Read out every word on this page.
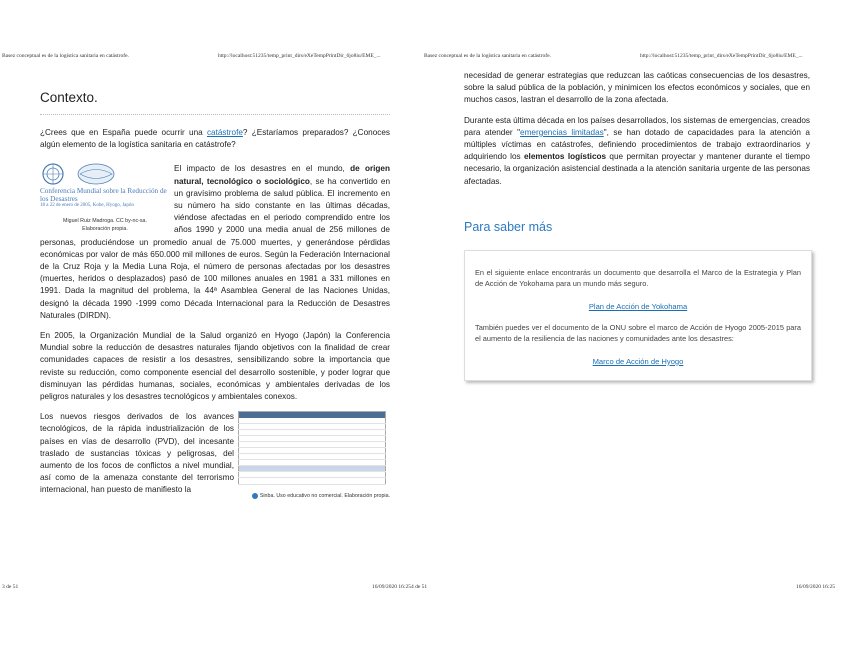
Basez conceptual es de la logística sanitaria en catástrofe.	http://localhost:51235/temp_print_dirs/eXeTempPrintDir_6jo8iu/EME_...	Basez conceptual es de la logística sanitaria en catástrofe.	http://localhost:51235/temp_print_dirs/eXeTempPrintDir_6jo8iu/EME_...
Contexto.

¿Crees que en España puede ocurrir una catástrofe? ¿Estaríamos preparados? ¿Conoces algún elemento de la logística sanitaria en catástrofe?

Conferencia Mundial sobre la Reducción de los Desastres
18 a 22 de enero de 2005, Kobe, Hyogo, Japón
Miguel Ruiz Madroga. CC by-nc-sa.
Elaboración propia.

El impacto de los desastres en el mundo, de origen natural, tecnológico o sociológico, se ha convertido en un gravísimo problema de salud pública. El incremento en su número ha sido constante en las últimas décadas, viéndose afectadas en el periodo comprendido entre los años 1990 y 2000 una media anual de 256 millones de personas, produciéndose un promedio anual de 75.000 muertes, y generándose pérdidas económicas por valor de más 650.000 mil millones de euros. Según la Federación Internacional de la Cruz Roja y la Media Luna Roja, el número de personas afectadas por los desastres (muertes, heridos o desplazados) pasó de 100 millones anuales en 1981 a 331 millones en 1991. Dada la magnitud del problema, la 44ª Asamblea General de las Naciones Unidas, designó la década 1990 -1999 como Década Internacional para la Reducción de Desastres Naturales (DIRDN).

En 2005, la Organización Mundial de la Salud organizó en Hyogo (Japón) la Conferencia Mundial sobre la reducción de desastres naturales fijando objetivos con la finalidad de crear comunidades capaces de resistir a los desastres, sensibilizando sobre la importancia que reviste su reducción, como componente esencial del desarrollo sostenible, y poder lograr que disminuyan las pérdidas humanas, sociales, económicas y ambientales derivadas de los peligros naturales y los desastres tecnológicos y ambientales conexos.

Sinba. Uso educativo no comercial. Elaboración propia.

Los nuevos riesgos derivados de los avances tecnológicos, de la rápida industrialización de los países en vías de desarrollo (PVD), del incesante traslado de sustancias tóxicas y peligrosas, del aumento de los focos de conflictos a nivel mundial, así como de la amenaza constante del terrorismo internacional, han puesto de manifiesto la

necesidad de generar estrategias que reduzcan las caóticas consecuencias de los desastres, sobre la salud pública de la población, y minimicen los efectos económicos y sociales, que en muchos casos, lastran el desarrollo de la zona afectada.

Durante esta última década en los países desarrollados, los sistemas de emergencias, creados para atender "emergencias limitadas", se han dotado de capacidades para la atención a múltiples víctimas en catástrofes, definiendo procedimientos de trabajo extraordinarios y adquiriendo los elementos logísticos que permitan proyectar y mantener durante el tiempo necesario, la organización asistencial destinada a la atención sanitaria urgente de las personas afectadas.

Para saber más

En el siguiente enlace encontrarás un documento que desarrolla el Marco de la Estrategia y Plan de Acción de Yokohama para un mundo más seguro.

Plan de Acción de Yokohama

También puedes ver el documento de la ONU sobre el marco de Acción de Hyogo 2005-2015 para el aumento de la resiliencia de las naciones y comunidades ante los desastres:

Marco de Acción de Hyogo
3 de 51	16/09/2020 16:254 de 51	16/09/2020 16:25
